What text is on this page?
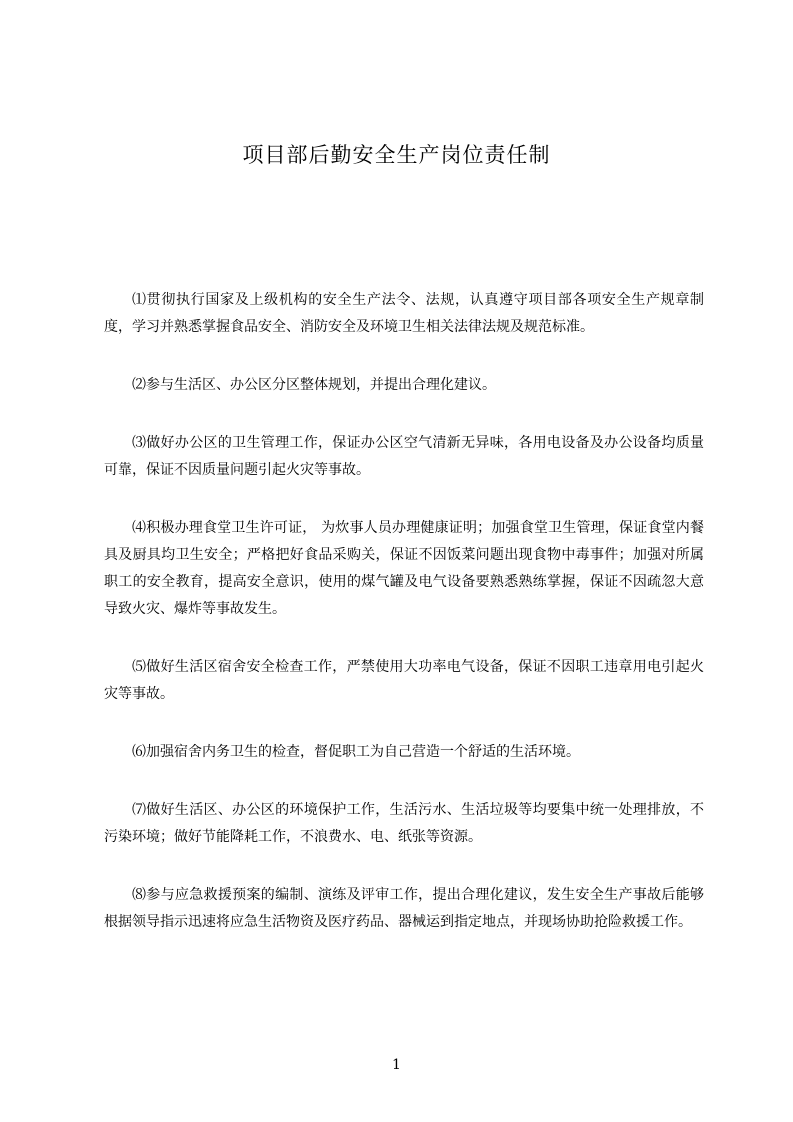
项目部后勤安全生产岗位责任制

⑴贯彻执行国家及上级机构的安全生产法令、法规，认真遵守项目部各项安全生产规章制度，学习并熟悉掌握食品安全、消防安全及环境卫生相关法律法规及规范标准。

⑵参与生活区、办公区分区整体规划，并提出合理化建议。

⑶做好办公区的卫生管理工作，保证办公区空气清新无异味，各用电设备及办公设备均质量可靠，保证不因质量问题引起火灾等事故。

⑷积极办理食堂卫生许可证， 为炊事人员办理健康证明；加强食堂卫生管理，保证食堂内餐具及厨具均卫生安全；严格把好食品采购关，保证不因饭菜问题出现食物中毒事件；加强对所属职工的安全教育，提高安全意识，使用的煤气罐及电气设备要熟悉熟练掌握，保证不因疏忽大意导致火灾、爆炸等事故发生。

⑸做好生活区宿舍安全检查工作，严禁使用大功率电气设备，保证不因职工违章用电引起火灾等事故。

⑹加强宿舍内务卫生的检查，督促职工为自己营造一个舒适的生活环境。

⑺做好生活区、办公区的环境保护工作，生活污水、生活垃圾等均要集中统一处理排放，不污染环境；做好节能降耗工作，不浪费水、电、纸张等资源。

⑻参与应急救援预案的编制、演练及评审工作，提出合理化建议，发生安全生产事故后能够根据领导指示迅速将应急生活物资及医疗药品、器械运到指定地点，并现场协助抢险救援工作。

1
